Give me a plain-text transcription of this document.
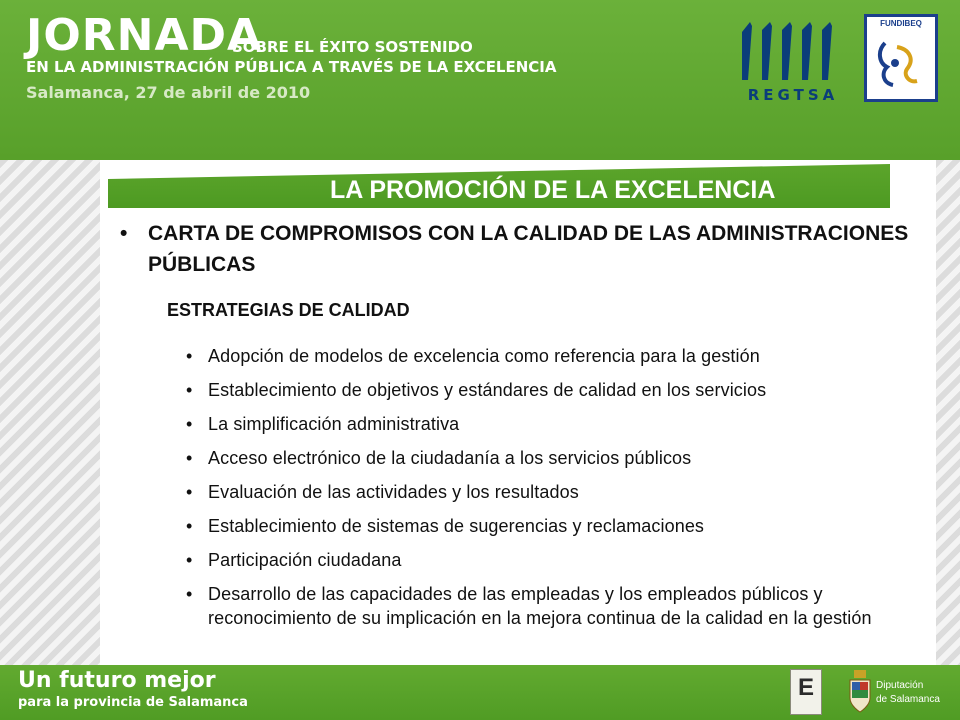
JORNADA
SOBRE EL ÉXITO SOSTENIDO
EN LA ADMINISTRACIÓN PÚBLICA A TRAVÉS DE LA EXCELENCIA
Salamanca, 27 de abril de 2010	REGTSA
FUNDIBEQ
LA PROMOCIÓN DE LA EXCELENCIA
• CARTA DE COMPROMISOS CON LA CALIDAD DE LAS ADMINISTRACIONES PÚBLICAS
ESTRATEGIAS DE CALIDAD
• Adopción de modelos de excelencia como referencia para la gestión
• Establecimiento de objetivos y estándares de calidad en los servicios
• La simplificación administrativa
• Acceso electrónico de la ciudadanía a los servicios públicos
• Evaluación de las actividades y los resultados
• Establecimiento de sistemas de sugerencias y reclamaciones
• Participación ciudadana
• Desarrollo de las capacidades de las empleadas y los empleados públicos y reconocimiento de su implicación en la mejora continua de la calidad en la gestión
Un futuro mejor
para la provincia de Salamanca
E	Diputación
de Salamanca
